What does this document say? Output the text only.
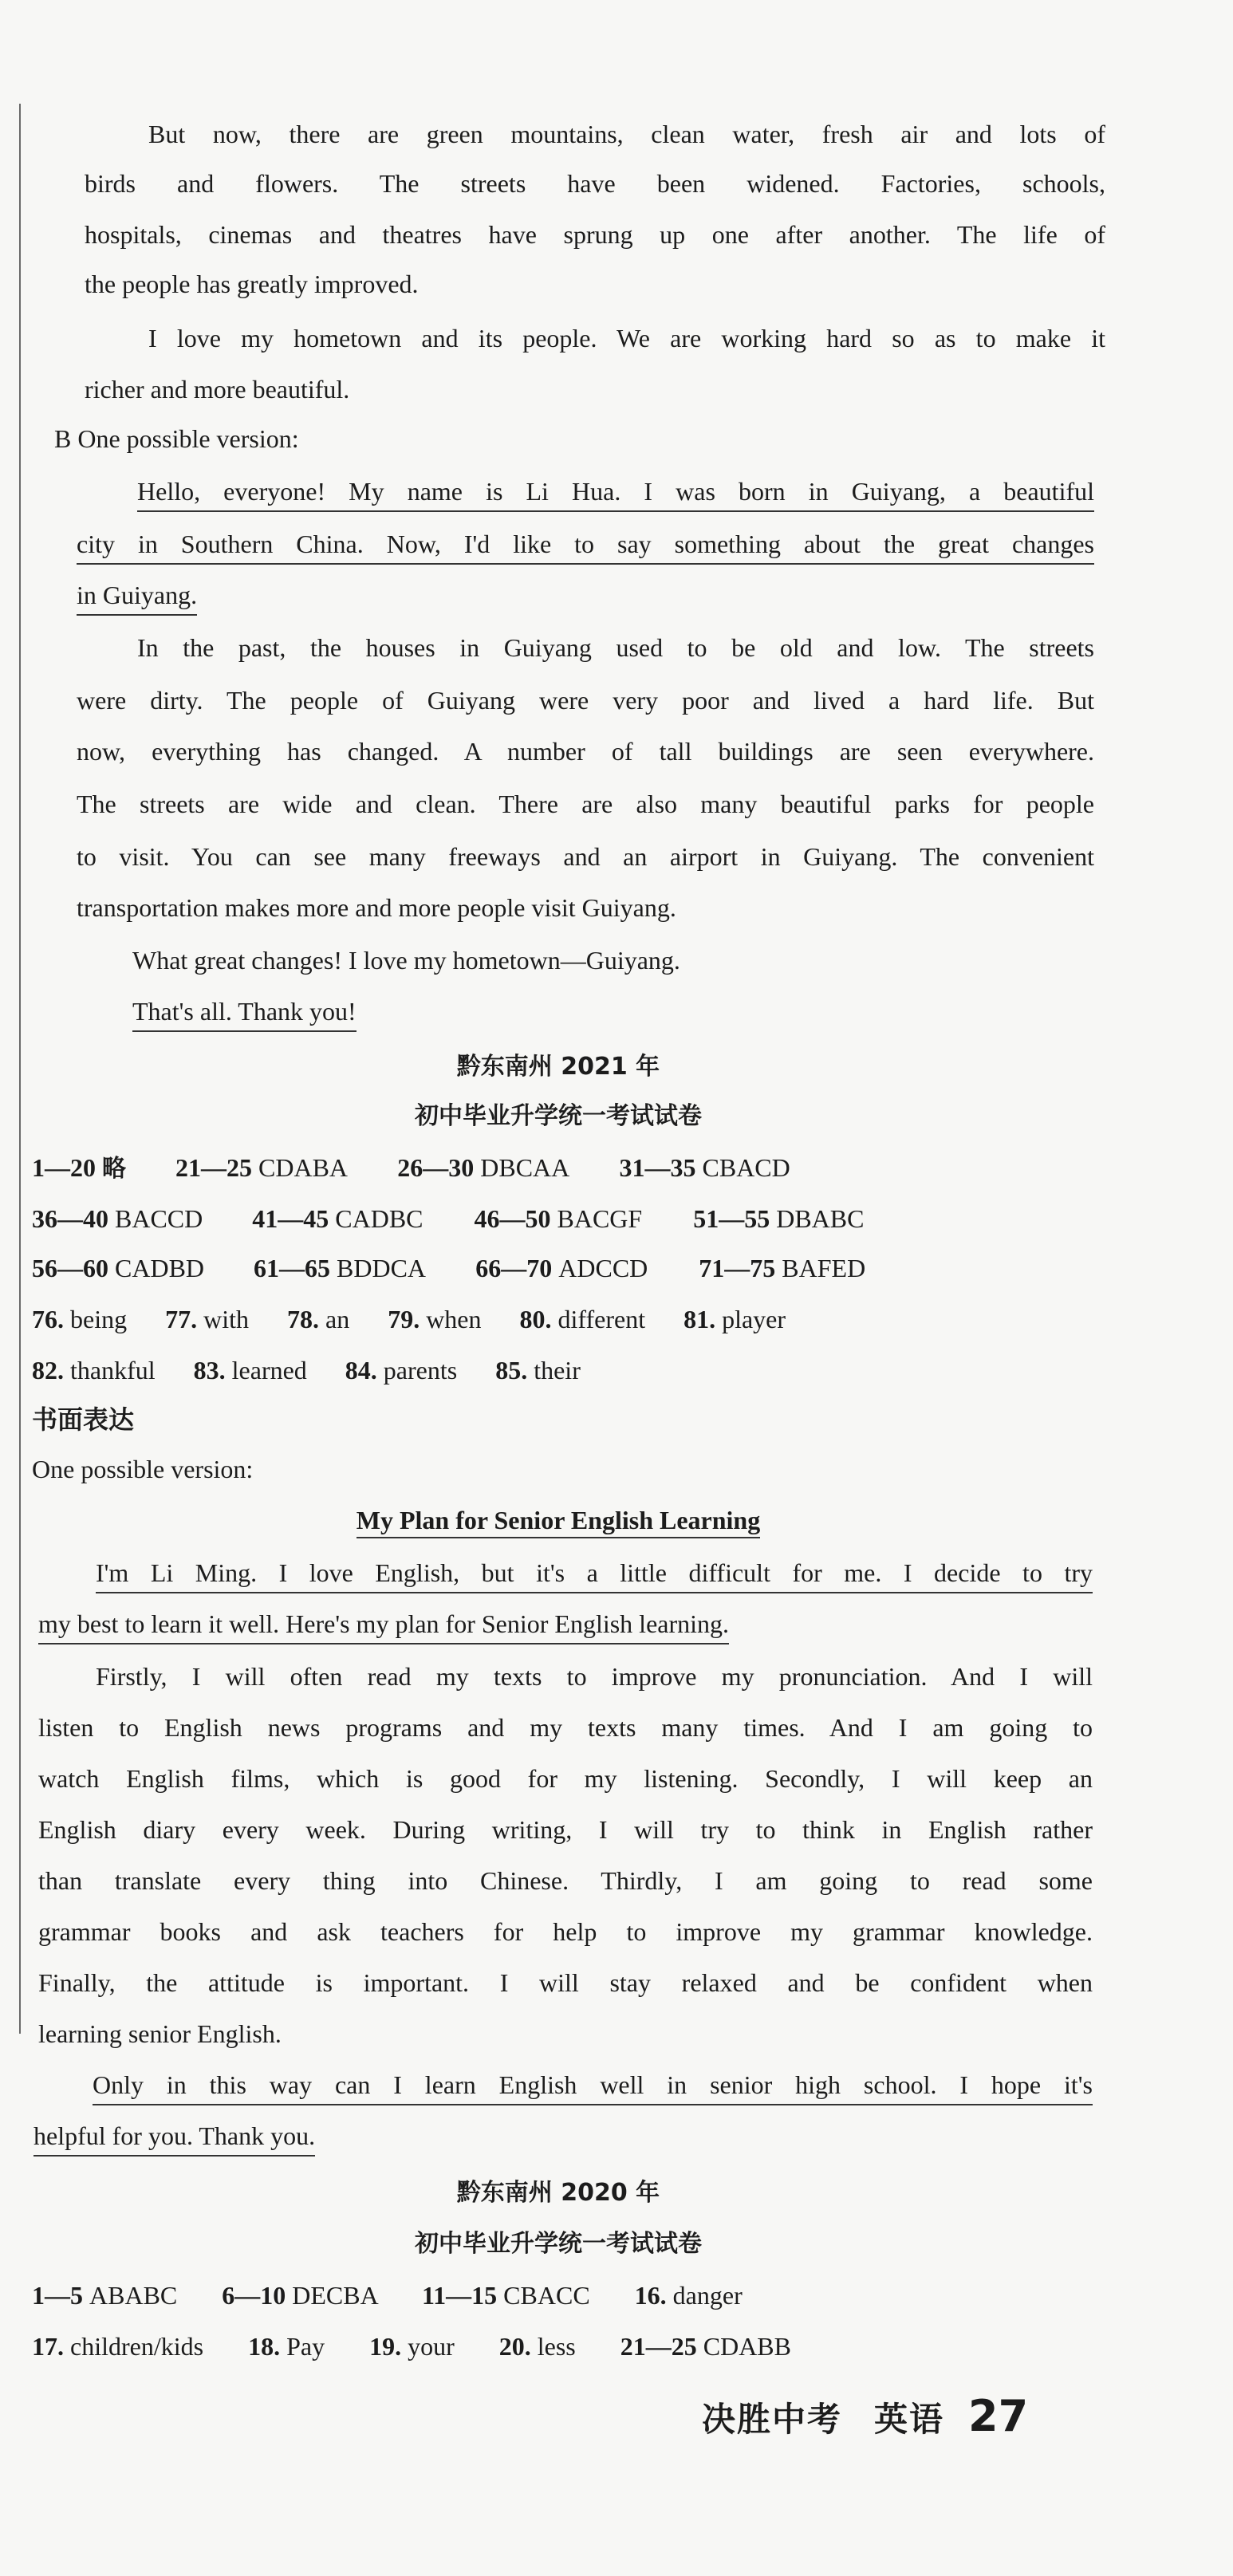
But now, there are green mountains, clean water, fresh air and lots of
birds and flowers. The streets have been widened. Factories, schools,
hospitals, cinemas and theatres have sprung up one after another. The life of
the people has greatly improved.
I love my hometown and its people. We are working hard so as to make it
richer and more beautiful.
B One possible version:
Hello, everyone! My name is Li Hua. I was born in Guiyang, a beautiful
city in Southern China. Now, I'd like to say something about the great changes
in Guiyang.
In the past, the houses in Guiyang used to be old and low. The streets
were dirty. The people of Guiyang were very poor and lived a hard life. But
now, everything has changed. A number of tall buildings are seen everywhere.
The streets are wide and clean. There are also many beautiful parks for people
to visit. You can see many freeways and an airport in Guiyang. The convenient
transportation makes more and more people visit Guiyang.
What great changes! I love my hometown—Guiyang.
That's all. Thank you!
黔东南州 2021 年
初中毕业升学统一考试试卷
1—20 略 21—25 CDABA 26—30 DBCAA 31—35 CBACD
36—40 BACCD 41—45 CADBC 46—50 BACGF 51—55 DBABC
56—60 CADBD 61—65 BDDCA 66—70 ADCCD 71—75 BAFED
76. being 77. with 78. an 79. when 80. different 81. player
82. thankful 83. learned 84. parents 85. their
书面表达
One possible version:
My Plan for Senior English Learning
I'm Li Ming. I love English, but it's a little difficult for me. I decide to try
my best to learn it well. Here's my plan for Senior English learning.
Firstly, I will often read my texts to improve my pronunciation. And I will
listen to English news programs and my texts many times. And I am going to
watch English films, which is good for my listening. Secondly, I will keep an
English diary every week. During writing, I will try to think in English rather
than translate every thing into Chinese. Thirdly, I am going to read some
grammar books and ask teachers for help to improve my grammar knowledge.
Finally, the attitude is important. I will stay relaxed and be confident when
learning senior English.
Only in this way can I learn English well in senior high school. I hope it's
helpful for you. Thank you.
黔东南州 2020 年
初中毕业升学统一考试试卷
1—5 ABABC 6—10 DECBA 11—15 CBACC 16. danger
17. children/kids 18. Pay 19. your 20. less 21—25 CDABB
决胜中考 英语 27
